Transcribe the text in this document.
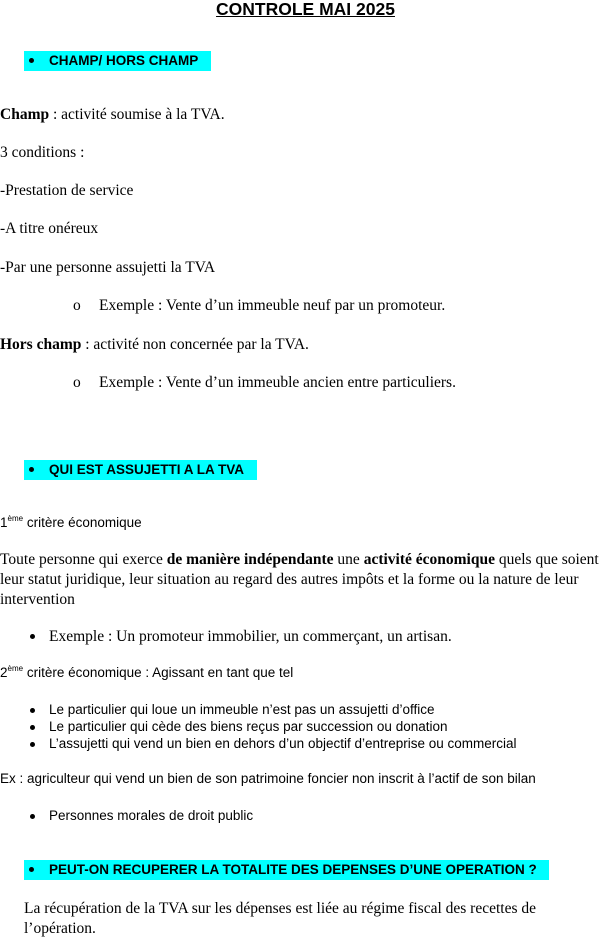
CONTROLE MAI 2025
CHAMP/ HORS CHAMP
Champ : activité soumise à la TVA.
3 conditions :
-Prestation de service
-A titre onéreux
-Par une personne assujetti la TVA
o Exemple : Vente d’un immeuble neuf par un promoteur.
Hors champ : activité non concernée par la TVA.
o Exemple : Vente d’un immeuble ancien entre particuliers.
QUI EST ASSUJETTI A LA TVA
1ème critère économique
Toute personne qui exerce de manière indépendante une activité économique quels que soient leur statut juridique, leur situation au regard des autres impôts et la forme ou la nature de leur intervention
Exemple : Un promoteur immobilier, un commerçant, un artisan.
2ème critère économique : Agissant en tant que tel
Le particulier qui loue un immeuble n’est pas un assujetti d’office
Le particulier qui cède des biens reçus par succession ou donation
L’assujetti qui vend un bien en dehors d’un objectif d’entreprise ou commercial
Ex : agriculteur qui vend un bien de son patrimoine foncier non inscrit à l’actif de son bilan
Personnes morales de droit public
PEUT-ON RECUPERER LA TOTALITE DES DEPENSES D’UNE OPERATION ?
La récupération de la TVA sur les dépenses est liée au régime fiscal des recettes de l’opération.
